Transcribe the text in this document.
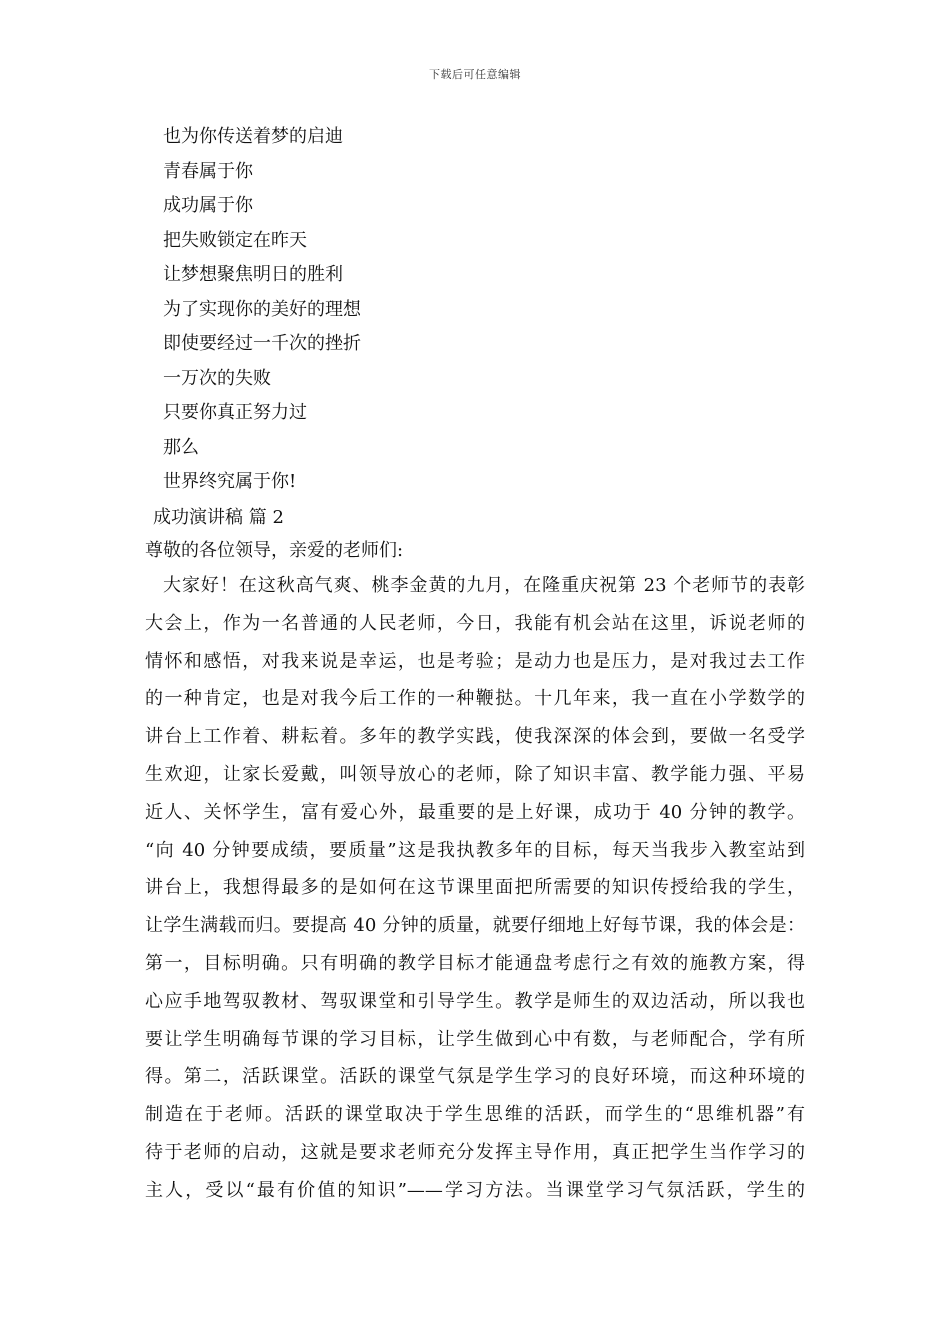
下载后可任意编辑
也为你传送着梦的启迪
青春属于你
成功属于你
把失败锁定在昨天
让梦想聚焦明日的胜利
为了实现你的美好的理想
即使要经过一千次的挫折
一万次的失败
只要你真正努力过
那么
世界终究属于你!
成功演讲稿 篇 2
尊敬的各位领导，亲爱的老师们:
大家好！在这秋高气爽、桃李金黄的九月，在隆重庆祝第 23 个老师节的表彰
大会上，作为一名普通的人民老师，今日，我能有机会站在这里，诉说老师的
情怀和感悟，对我来说是幸运，也是考验；是动力也是压力，是对我过去工作
的一种肯定，也是对我今后工作的一种鞭挞。十几年来，我一直在小学数学的
讲台上工作着、耕耘着。多年的教学实践，使我深深的体会到，要做一名受学
生欢迎，让家长爱戴，叫领导放心的老师，除了知识丰富、教学能力强、平易
近人、关怀学生，富有爱心外，最重要的是上好课，成功于 40 分钟的教学。
“向 40 分钟要成绩，要质量”这是我执教多年的目标，每天当我步入教室站到
讲台上，我想得最多的是如何在这节课里面把所需要的知识传授给我的学生，
让学生满载而归。要提高 40 分钟的质量，就要仔细地上好每节课，我的体会是：
第一，目标明确。只有明确的教学目标才能通盘考虑行之有效的施教方案，得
心应手地驾驭教材、驾驭课堂和引导学生。教学是师生的双边活动，所以我也
要让学生明确每节课的学习目标，让学生做到心中有数，与老师配合，学有所
得。第二，活跃课堂。活跃的课堂气氛是学生学习的良好环境，而这种环境的
制造在于老师。活跃的课堂取决于学生思维的活跃，而学生的“思维机器”有
待于老师的启动，这就是要求老师充分发挥主导作用，真正把学生当作学习的
主人，受以“最有价值的知识”——学习方法。当课堂学习气氛活跃，学生的
